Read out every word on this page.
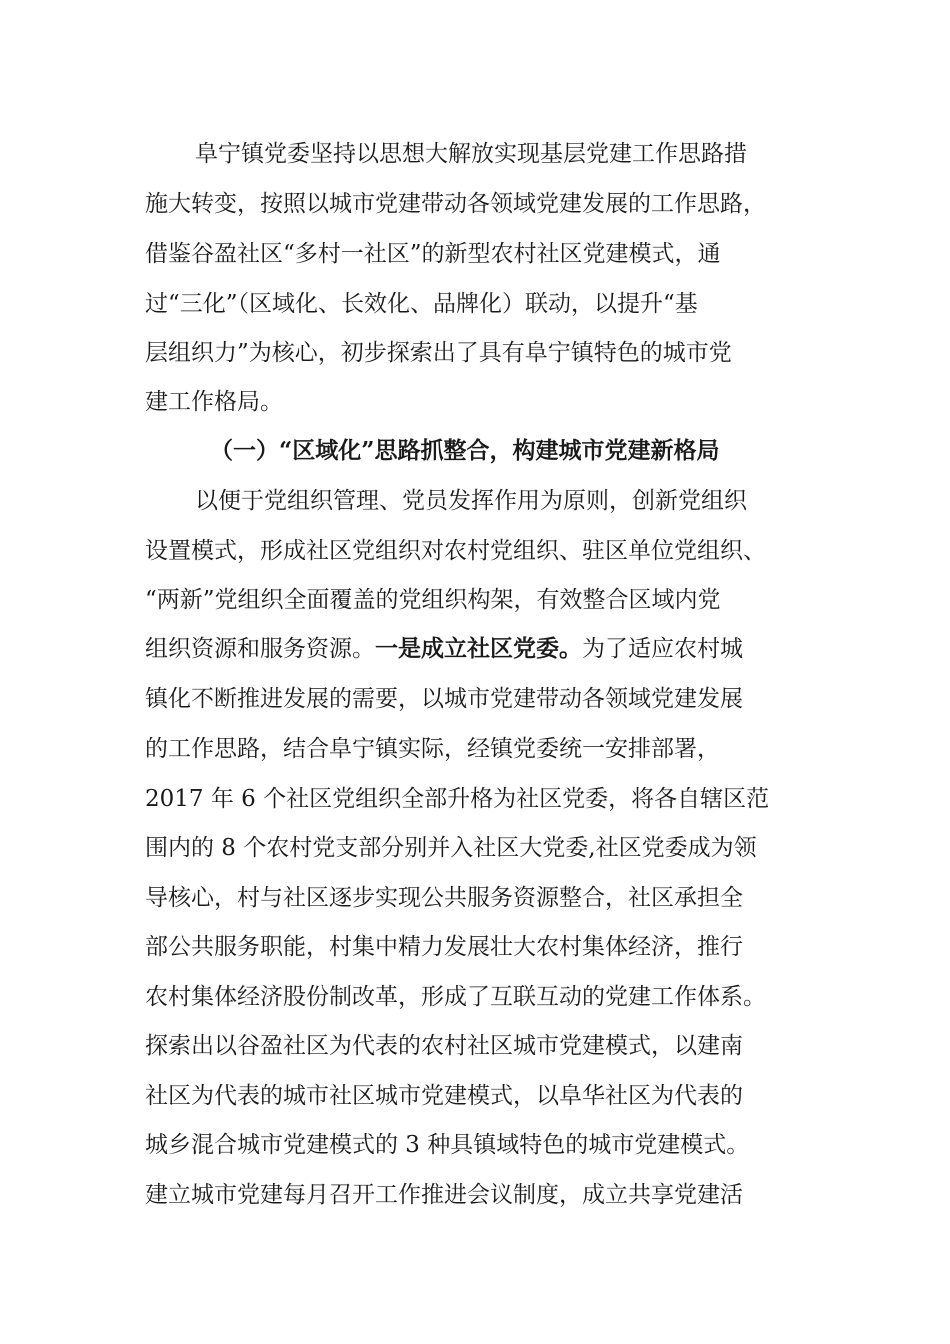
阜宁镇党委坚持以思想大解放实现基层党建工作思路措
施大转变，按照以城市党建带动各领域党建发展的工作思路，
借鉴谷盈社区“多村一社区”的新型农村社区党建模式，通
过“三化”（区域化、长效化、品牌化）联动，以提升“基
层组织力”为核心，初步探索出了具有阜宁镇特色的城市党
建工作格局。
（一）“区域化”思路抓整合，构建城市党建新格局
以便于党组织管理、党员发挥作用为原则，创新党组织
设置模式，形成社区党组织对农村党组织、驻区单位党组织、
“两新”党组织全面覆盖的党组织构架，有效整合区域内党
组织资源和服务资源。一是成立社区党委。为了适应农村城
镇化不断推进发展的需要，以城市党建带动各领域党建发展
的工作思路，结合阜宁镇实际，经镇党委统一安排部署，
2017 年 6 个社区党组织全部升格为社区党委，将各自辖区范
围内的 8 个农村党支部分别并入社区大党委,社区党委成为领
导核心，村与社区逐步实现公共服务资源整合，社区承担全
部公共服务职能，村集中精力发展壮大农村集体经济，推行
农村集体经济股份制改革，形成了互联互动的党建工作体系。
探索出以谷盈社区为代表的农村社区城市党建模式，以建南
社区为代表的城市社区城市党建模式，以阜华社区为代表的
城乡混合城市党建模式的 3 种具镇域特色的城市党建模式。
建立城市党建每月召开工作推进会议制度，成立共享党建活
